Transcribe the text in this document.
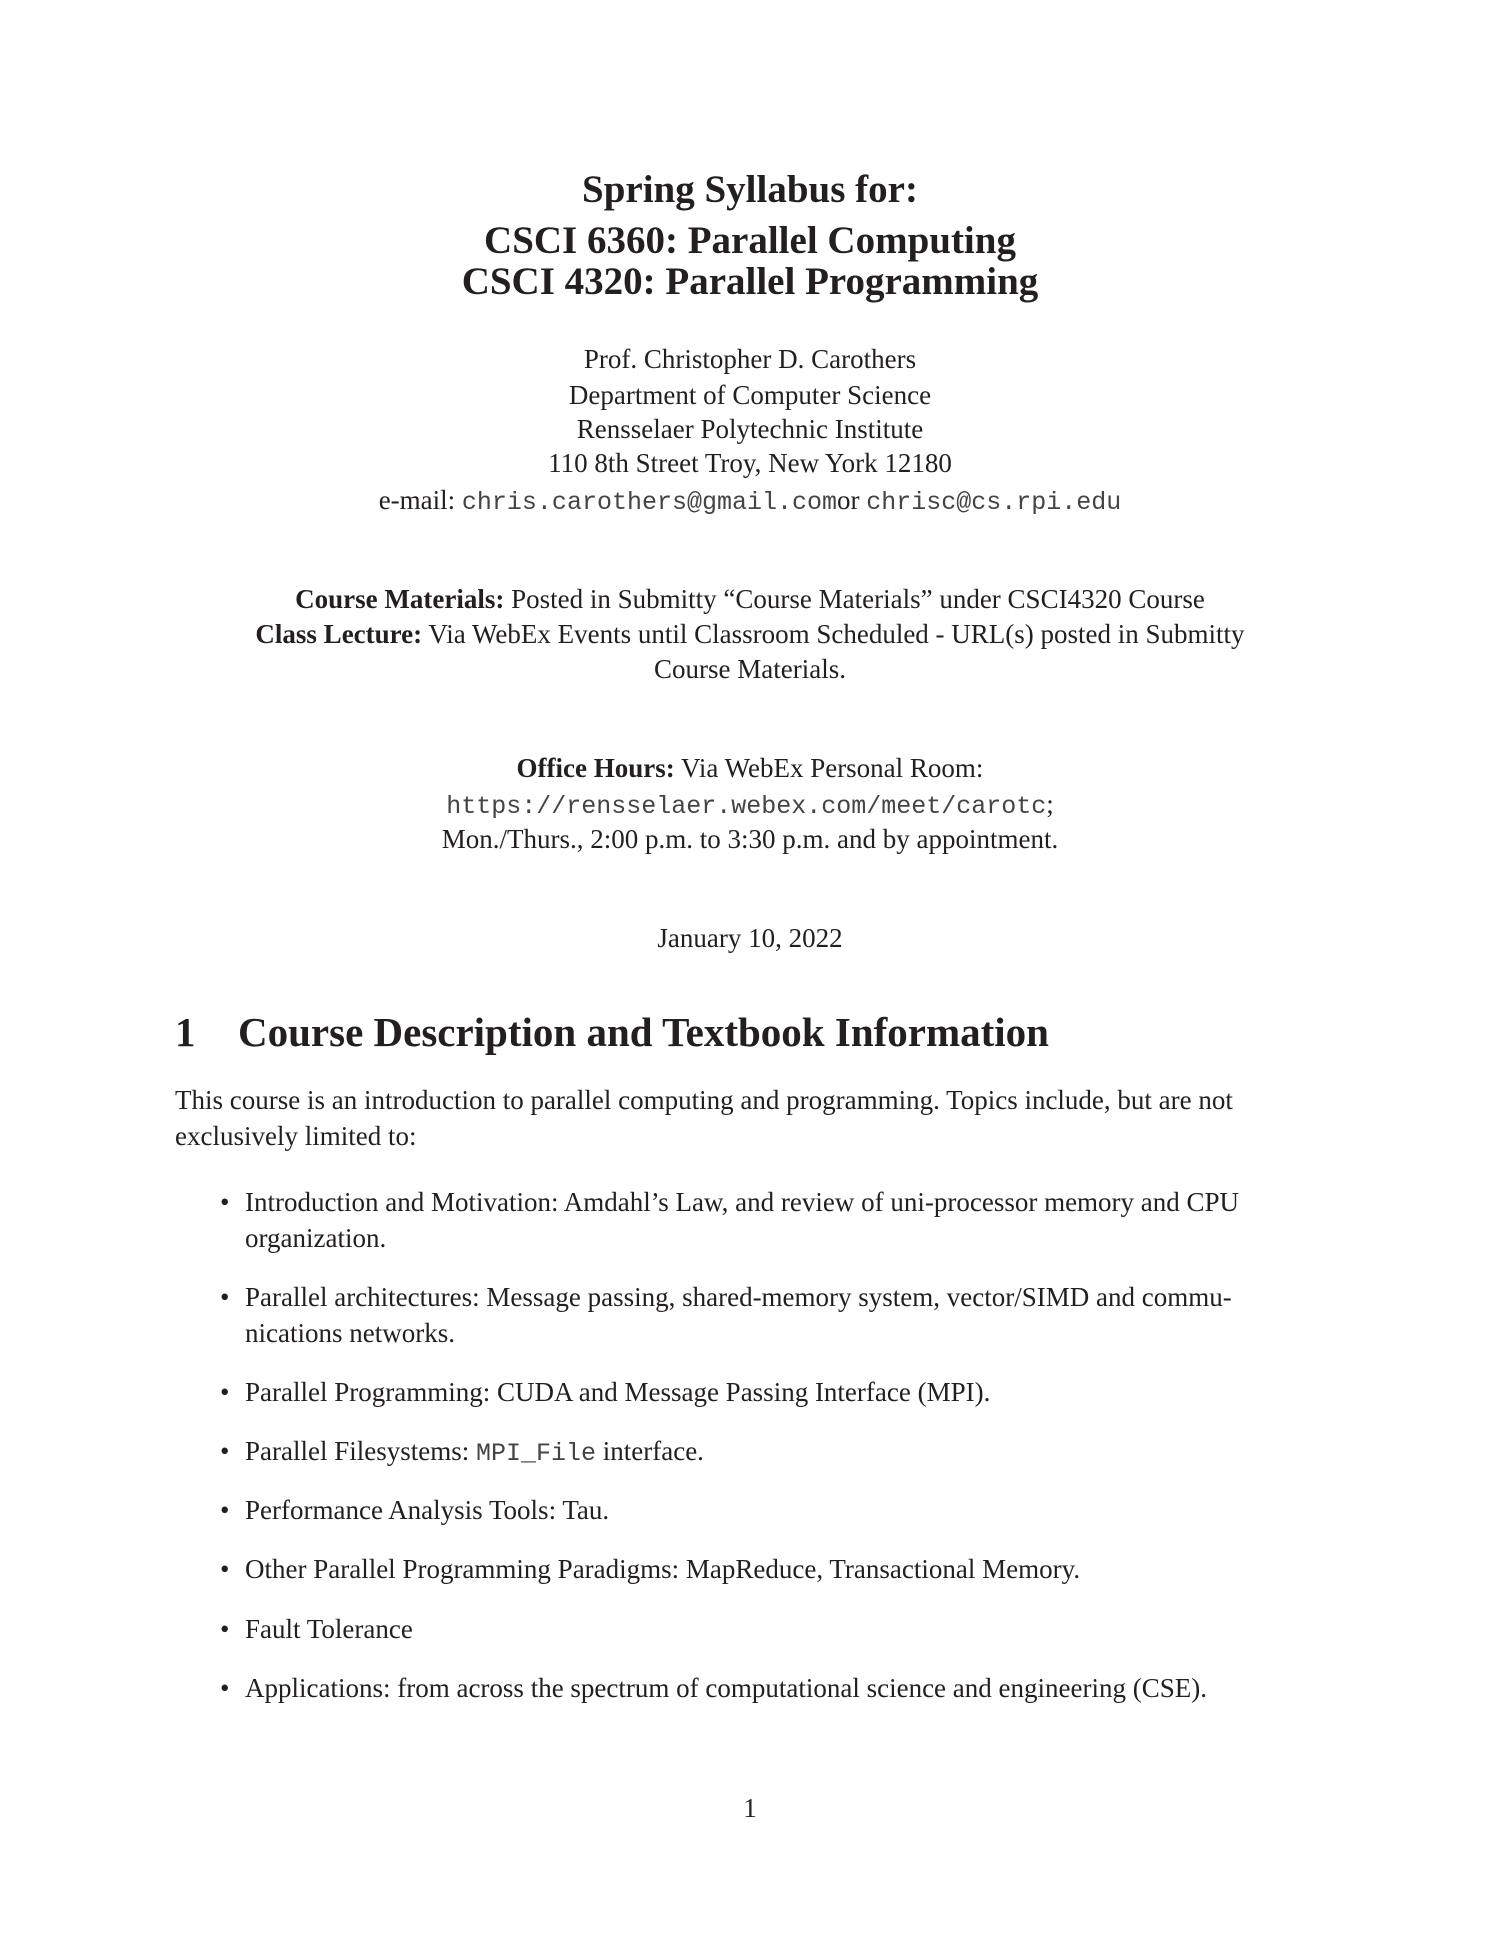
Spring Syllabus for:
CSCI 6360: Parallel Computing
CSCI 4320: Parallel Programming
Prof. Christopher D. Carothers
Department of Computer Science
Rensselaer Polytechnic Institute
110 8th Street Troy, New York 12180
e-mail: chris.carothers@gmail.comor chrisc@cs.rpi.edu
Course Materials: Posted in Submitty “Course Materials” under CSCI4320 Course
Class Lecture: Via WebEx Events until Classroom Scheduled - URL(s) posted in Submitty
Course Materials.
Office Hours: Via WebEx Personal Room:
https://rensselaer.webex.com/meet/carotc;
Mon./Thurs., 2:00 p.m. to 3:30 p.m. and by appointment.
January 10, 2022
1 Course Description and Textbook Information
This course is an introduction to parallel computing and programming. Topics include, but are not
exclusively limited to:
• Introduction and Motivation: Amdahl’s Law, and review of uni-processor memory and CPU
organization.
• Parallel architectures: Message passing, shared-memory system, vector/SIMD and commu-
nications networks.
• Parallel Programming: CUDA and Message Passing Interface (MPI).
• Parallel Filesystems: MPI_File interface.
• Performance Analysis Tools: Tau.
• Other Parallel Programming Paradigms: MapReduce, Transactional Memory.
• Fault Tolerance
• Applications: from across the spectrum of computational science and engineering (CSE).
1
